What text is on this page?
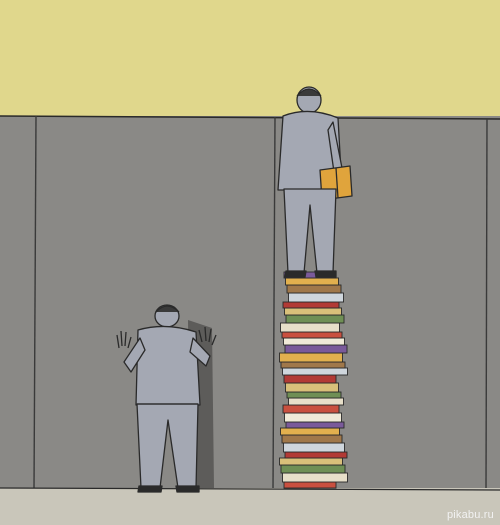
pikabu.ru
